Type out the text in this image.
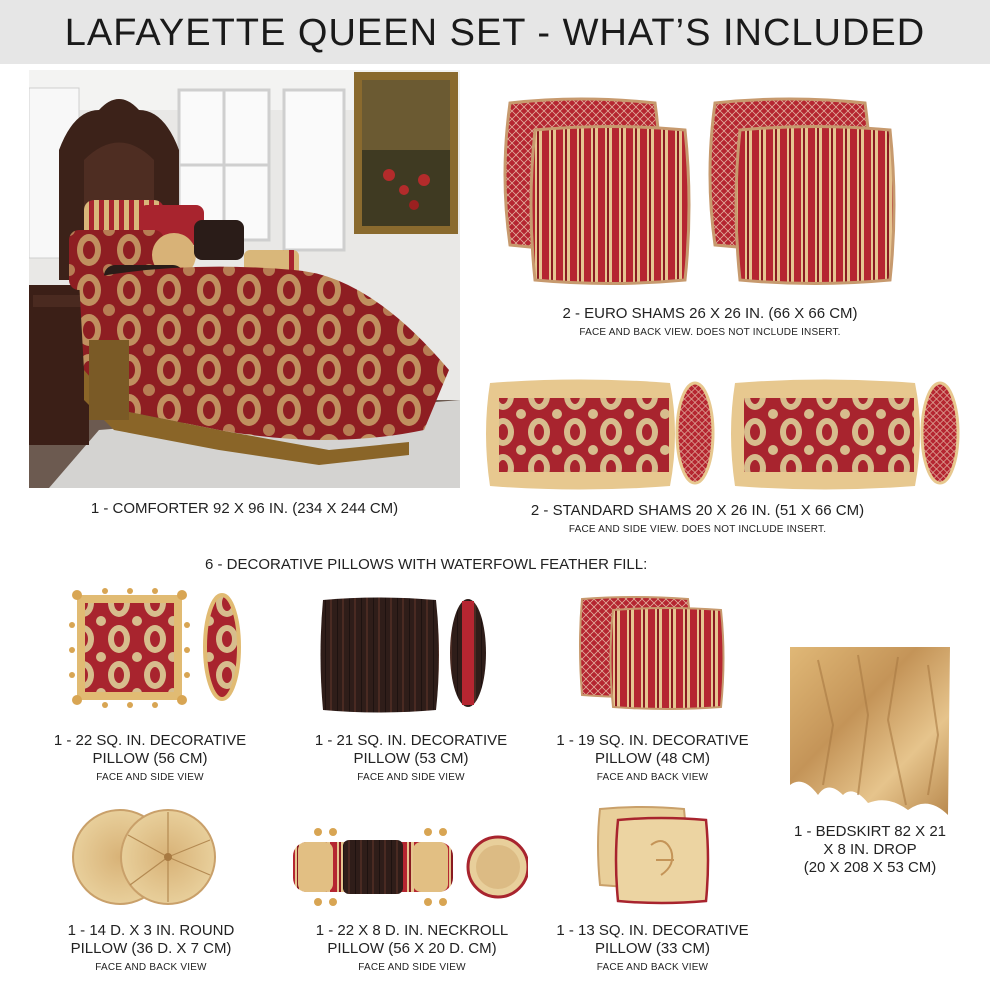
LAFAYETTE QUEEN SET - WHAT’S INCLUDED
1 - COMFORTER 92 X 96 IN. (234 X 244 CM)
2 - EURO SHAMS 26 X 26 IN. (66 X 66 CM)
FACE AND BACK VIEW. DOES NOT INCLUDE INSERT.
2 - STANDARD SHAMS 20 X 26 IN. (51 X 66 CM)
FACE AND SIDE VIEW. DOES NOT INCLUDE INSERT.
6 - DECORATIVE PILLOWS WITH WATERFOWL FEATHER FILL:
1 - 22 SQ. IN. DECORATIVE
PILLOW (56 CM)
FACE AND SIDE VIEW
1 - 21 SQ. IN. DECORATIVE
PILLOW (53 CM)
FACE AND SIDE VIEW
1 - 19 SQ. IN. DECORATIVE
PILLOW (48 CM)
FACE AND BACK VIEW
1 - BEDSKIRT 82 X 21
X 8 IN. DROP
(20 X 208 X 53 CM)
1 - 14 D. X 3 IN. ROUND
PILLOW (36 D. X 7 CM)
FACE AND BACK VIEW
1 - 22 X 8 D. IN. NECKROLL
PILLOW (56 X 20 D. CM)
FACE AND SIDE VIEW
1 - 13 SQ. IN. DECORATIVE
PILLOW (33 CM)
FACE AND BACK VIEW
